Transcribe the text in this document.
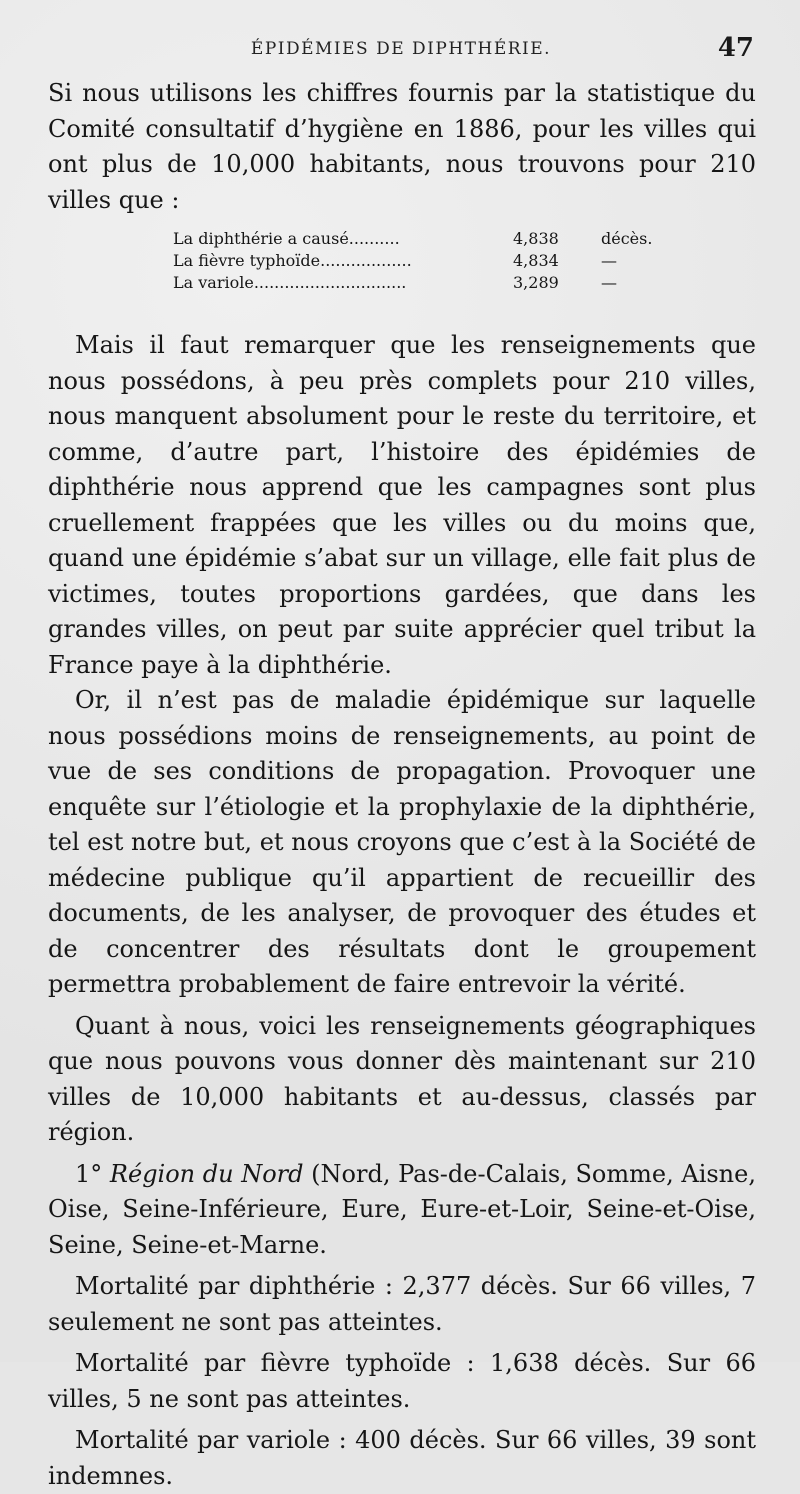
ÉPIDÉMIES DE DIPHTHÉRIE.	47

Si nous utilisons les chiffres fournis par la statistique du Comité consultatif d’hygiène en 1886, pour les villes qui ont plus de 10,000 habitants, nous trouvons pour 210 villes que :

La diphthérie a causé..........	4,838	décès.
La fièvre typhoïde..................	4,834	—
La variole..............................	3,289	—

Mais il faut remarquer que les renseignements que nous possédons, à peu près complets pour 210 villes, nous manquent absolument pour le reste du territoire, et comme, d’autre part, l’histoire des épidémies de diphthérie nous apprend que les campagnes sont plus cruellement frappées que les villes ou du moins que, quand une épidémie s’abat sur un village, elle fait plus de victimes, toutes proportions gardées, que dans les grandes villes, on peut par suite apprécier quel tribut la France paye à la diphthérie.

Or, il n’est pas de maladie épidémique sur laquelle nous possédions moins de renseignements, au point de vue de ses conditions de propagation. Provoquer une enquête sur l’étiologie et la prophylaxie de la diphthérie, tel est notre but, et nous croyons que c’est à la Société de médecine publique qu’il appartient de recueillir des documents, de les analyser, de provoquer des études et de concentrer des résultats dont le groupement permettra probablement de faire entrevoir la vérité.

Quant à nous, voici les renseignements géographiques que nous pouvons vous donner dès maintenant sur 210 villes de 10,000 habitants et au-dessus, classés par région.

1° Région du Nord (Nord, Pas-de-Calais, Somme, Aisne, Oise, Seine-Inférieure, Eure, Eure-et-Loir, Seine-et-Oise, Seine, Seine-et-Marne.

Mortalité par diphthérie : 2,377 décès. Sur 66 villes, 7 seulement ne sont pas atteintes.

Mortalité par fièvre typhoïde : 1,638 décès. Sur 66 villes, 5 ne sont pas atteintes.

Mortalité par variole : 400 décès. Sur 66 villes, 39 sont indemnes.
